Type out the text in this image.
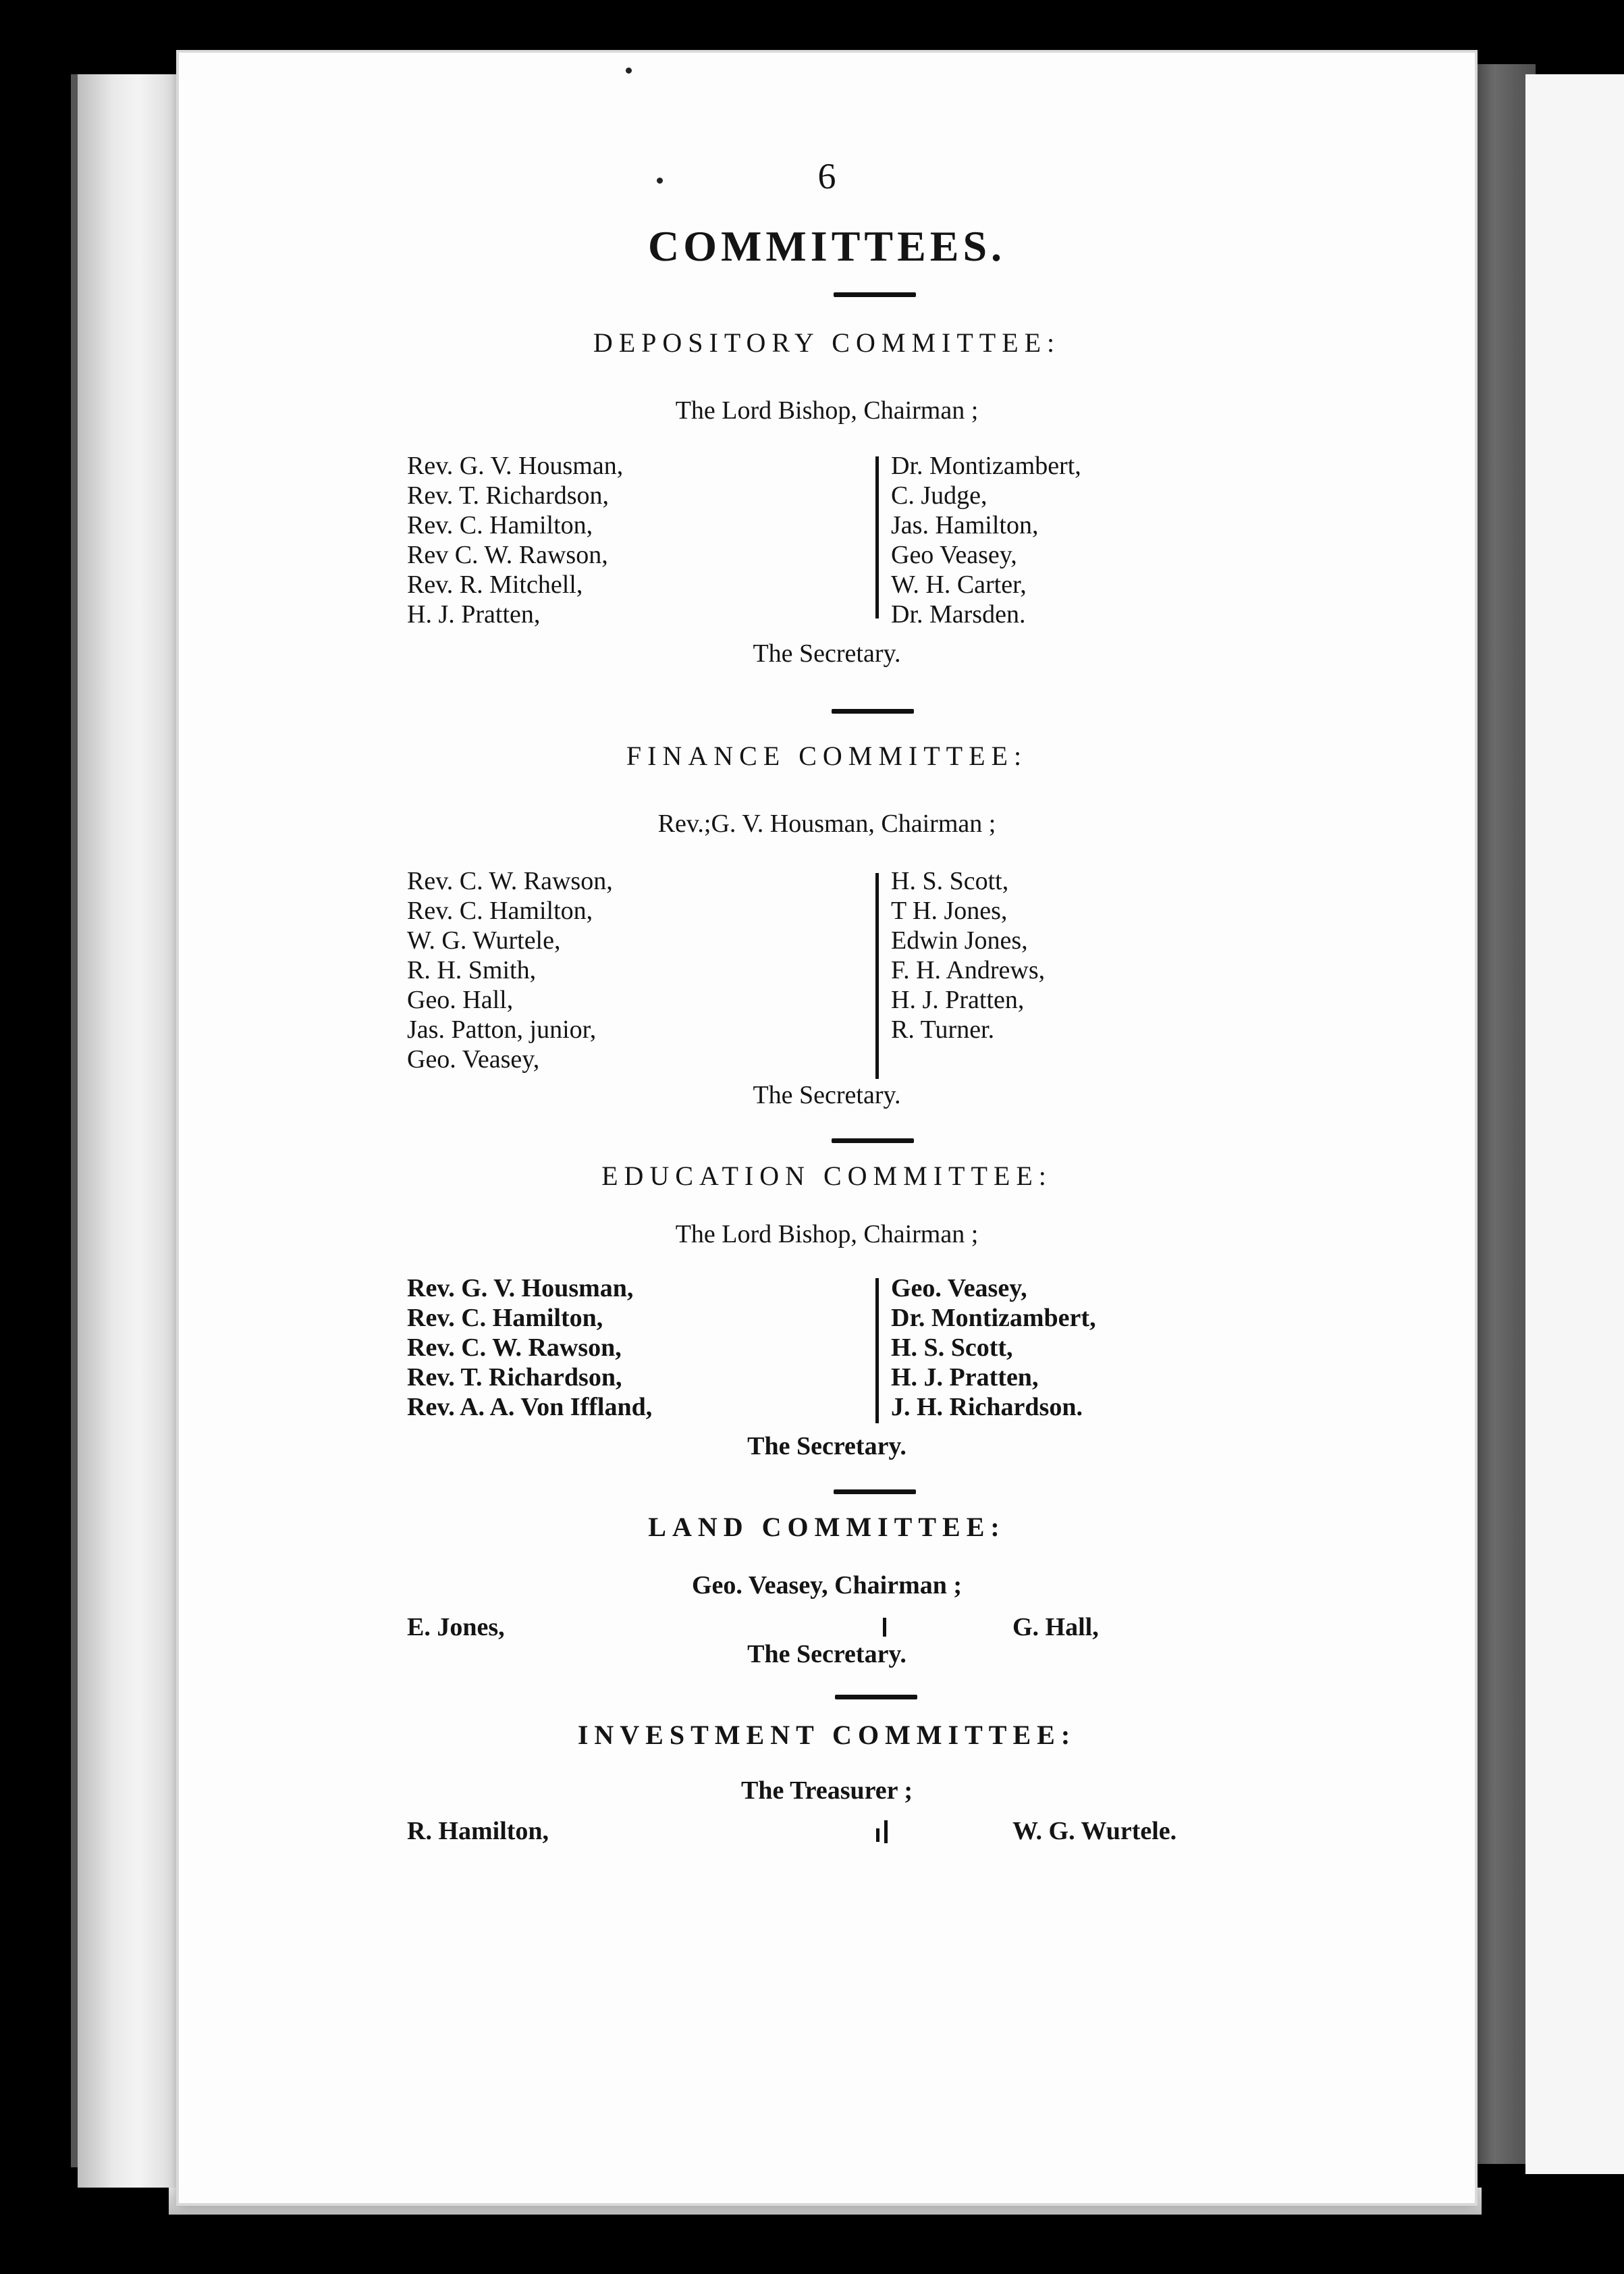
6
COMMITTEES.
DEPOSITORY COMMITTEE:
The Lord Bishop, Chairman ;
Rev. G. V. Housman,
Rev. T. Richardson,
Rev. C. Hamilton,
Rev C. W. Rawson,
Rev. R. Mitchell,
H. J. Pratten,
Dr. Montizambert,
C. Judge,
Jas. Hamilton,
Geo Veasey,
W. H. Carter,
Dr. Marsden.
The Secretary.
FINANCE COMMITTEE:
Rev.;G. V. Housman, Chairman ;
Rev. C. W. Rawson,
Rev. C. Hamilton,
W. G. Wurtele,
R. H. Smith,
Geo. Hall,
Jas. Patton, junior,
Geo. Veasey,
H. S. Scott,
T H. Jones,
Edwin Jones,
F. H. Andrews,
H. J. Pratten,
R. Turner.
The Secretary.
EDUCATION COMMITTEE:
The Lord Bishop, Chairman ;
Rev. G. V. Housman,
Rev. C. Hamilton,
Rev. C. W. Rawson,
Rev. T. Richardson,
Rev. A. A. Von Iffland,
Geo. Veasey,
Dr. Montizambert,
H. S. Scott,
H. J. Pratten,
J. H. Richardson.
The Secretary.
LAND COMMITTEE:
Geo. Veasey, Chairman ;
E. Jones,	G. Hall,
The Secretary.
INVESTMENT COMMITTEE:
The Treasurer ;
R. Hamilton,	W. G. Wurtele.
